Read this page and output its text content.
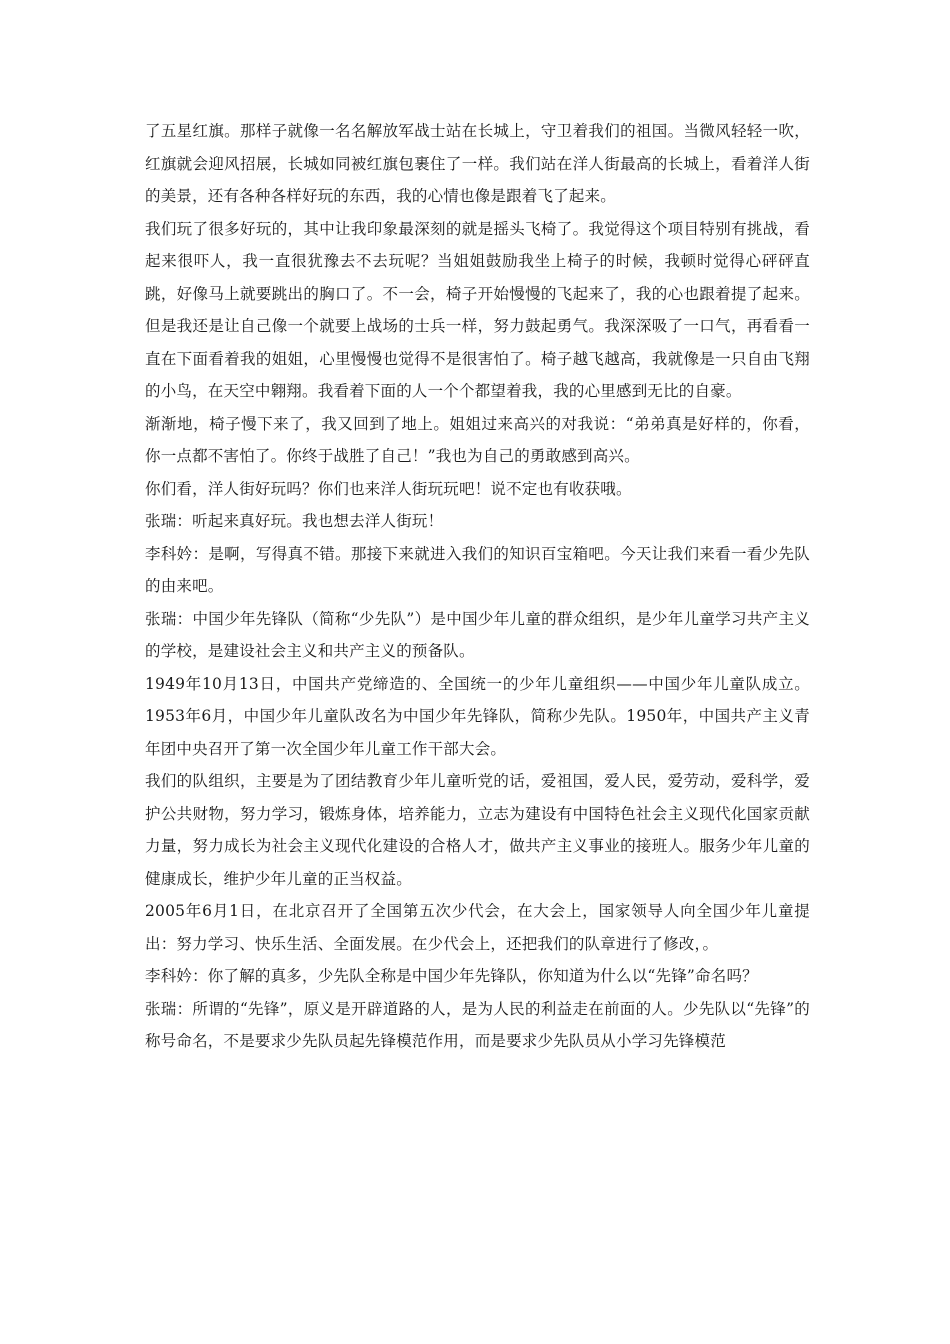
了五星红旗。那样子就像一名名解放军战士站在长城上，守卫着我们的祖国。当微风轻轻一吹，红旗就会迎风招展，长城如同被红旗包裹住了一样。我们站在洋人街最高的长城上，看着洋人街的美景，还有各种各样好玩的东西，我的心情也像是跟着飞了起来。

我们玩了很多好玩的，其中让我印象最深刻的就是摇头飞椅了。我觉得这个项目特别有挑战，看起来很吓人，我一直很犹豫去不去玩呢？当姐姐鼓励我坐上椅子的时候，我顿时觉得心砰砰直跳，好像马上就要跳出的胸口了。不一会，椅子开始慢慢的飞起来了，我的心也跟着提了起来。但是我还是让自己像一个就要上战场的士兵一样，努力鼓起勇气。我深深吸了一口气，再看看一直在下面看着我的姐姐，心里慢慢也觉得不是很害怕了。椅子越飞越高，我就像是一只自由飞翔的小鸟，在天空中翱翔。我看着下面的人一个个都望着我，我的心里感到无比的自豪。

渐渐地，椅子慢下来了，我又回到了地上。姐姐过来高兴的对我说：“弟弟真是好样的，你看，你一点都不害怕了。你终于战胜了自己！”我也为自己的勇敢感到高兴。

你们看，洋人街好玩吗？你们也来洋人街玩玩吧！说不定也有收获哦。

张瑞：听起来真好玩。我也想去洋人街玩！

李科妗：是啊，写得真不错。那接下来就进入我们的知识百宝箱吧。今天让我们来看一看少先队的由来吧。

张瑞：中国少年先锋队（简称“少先队”）是中国少年儿童的群众组织，是少年儿童学习共产主义的学校，是建设社会主义和共产主义的预备队。

1949年10月13日，中国共产党缔造的、全国统一的少年儿童组织——中国少年儿童队成立。1953年6月，中国少年儿童队改名为中国少年先锋队，简称少先队。1950年，中国共产主义青年团中央召开了第一次全国少年儿童工作干部大会。

我们的队组织，主要是为了团结教育少年儿童听党的话，爱祖国，爱人民，爱劳动，爱科学，爱护公共财物，努力学习，锻炼身体，培养能力，立志为建设有中国特色社会主义现代化国家贡献力量，努力成长为社会主义现代化建设的合格人才，做共产主义事业的接班人。服务少年儿童的健康成长，维护少年儿童的正当权益。

2005年6月1日，在北京召开了全国第五次少代会，在大会上，国家领导人向全国少年儿童提出：努力学习、快乐生活、全面发展。在少代会上，还把我们的队章进行了修改，。

李科妗：你了解的真多，少先队全称是中国少年先锋队，你知道为什么以“先锋”命名吗？

张瑞：所谓的“先锋”，原义是开辟道路的人，是为人民的利益走在前面的人。少先队以“先锋”的称号命名，不是要求少先队员起先锋模范作用，而是要求少先队员从小学习先锋模范
